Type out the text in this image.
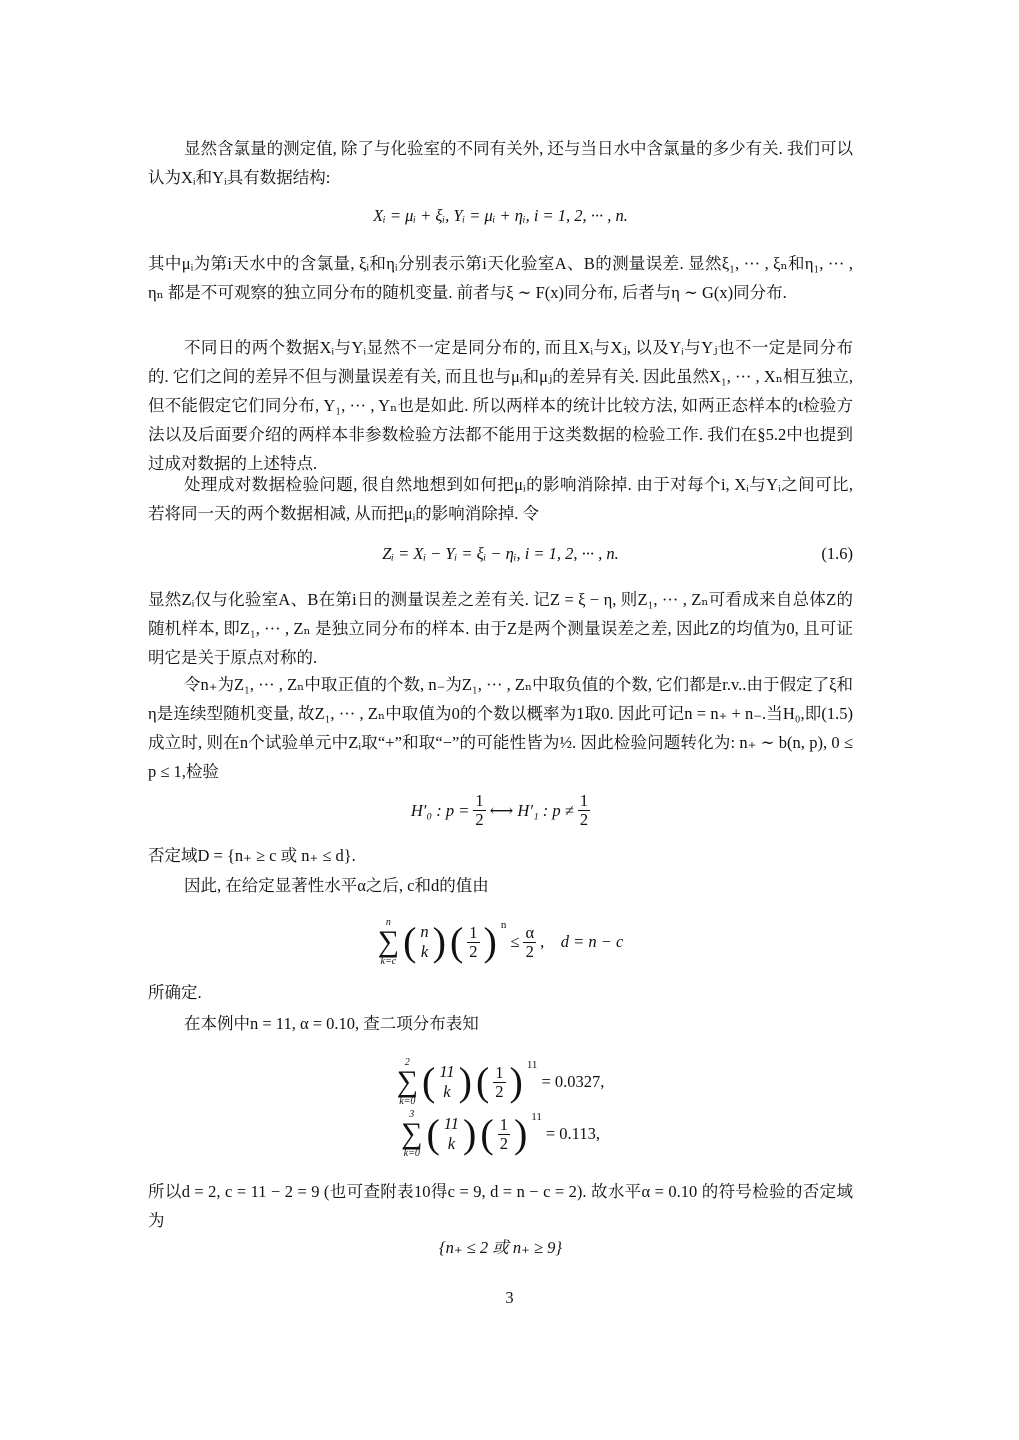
显然含氯量的测定值, 除了与化验室的不同有关外, 还与当日水中含氯量的多少有关. 我们可以认为Xᵢ和Yᵢ具有数据结构:
Xᵢ = μᵢ + ξᵢ, Yᵢ = μᵢ + ηᵢ, i = 1, 2, ··· , n.
其中μᵢ为第i天水中的含氯量, ξᵢ和ηᵢ分别表示第i天化验室A、B的测量误差. 显然ξ₁, ··· , ξₙ和η₁, ··· , ηₙ 都是不可观察的独立同分布的随机变量. 前者与ξ ∼ F(x)同分布, 后者与η ∼ G(x)同分布.
不同日的两个数据Xᵢ与Yᵢ显然不一定是同分布的, 而且Xᵢ与Xⱼ, 以及Yᵢ与Yⱼ也不一定是同分布的. 它们之间的差异不但与测量误差有关, 而且也与μᵢ和μⱼ的差异有关. 因此虽然X₁, ··· , Xₙ相互独立, 但不能假定它们同分布, Y₁, ··· , Yₙ也是如此. 所以两样本的统计比较方法, 如两正态样本的t检验方法以及后面要介绍的两样本非参数检验方法都不能用于这类数据的检验工作. 我们在§5.2中也提到过成对数据的上述特点.
处理成对数据检验问题, 很自然地想到如何把μᵢ的影响消除掉. 由于对每个i, Xᵢ与Yᵢ之间可比, 若将同一天的两个数据相减, 从而把μᵢ的影响消除掉. 令
Zᵢ = Xᵢ − Yᵢ = ξᵢ − ηᵢ, i = 1, 2, ··· , n.	(1.6)
显然Zᵢ仅与化验室A、B在第i日的测量误差之差有关. 记Z = ξ − η, 则Z₁, ··· , Zₙ可看成来自总体Z的随机样本, 即Z₁, ··· , Zₙ 是独立同分布的样本. 由于Z是两个测量误差之差, 因此Z的均值为0, 且可证明它是关于原点对称的.
令n₊为Z₁, ··· , Zₙ中取正值的个数, n₋为Z₁, ··· , Zₙ中取负值的个数, 它们都是r.v..由于假定了ξ和η是连续型随机变量, 故Z₁, ··· , Zₙ中取值为0的个数以概率为1取0. 因此可记n = n₊ + n₋.当H₀,即(1.5)成立时, 则在n个试验单元中Zᵢ取“+”和取“−”的可能性皆为½. 因此检验问题转化为: n₊ ∼ b(n, p), 0 ≤ p ≤ 1,检验
H′₀ : $p = \frac{1}{2}$ ⟷ H′₁ : $p \ne \frac{1}{2}$
否定域D = {n₊ ≥ c 或 n₊ ≤ d}.
因此, 在给定显著性水平α之后, c和d的值由
n
∑
k=c ( n
k ) ( $\frac{1}{2}$ ) n
≤ $\frac{\alpha}{2}$ ,    d = n − c
所确定.
在本例中n = 11, α = 0.10, 查二项分布表知
2
∑
k=0 ( 11
k ) ( $\frac{1}{2}$ ) 11
= 0.0327,
3
∑
k=0 ( 11
k ) ( $\frac{1}{2}$ ) 11
= 0.113,
所以d = 2, c = 11 − 2 = 9 (也可查附表10得c = 9, d = n − c = 2). 故水平α = 0.10 的符号检验的否定域为
{n₊ ≤ 2 或 n₊ ≥ 9}
3
